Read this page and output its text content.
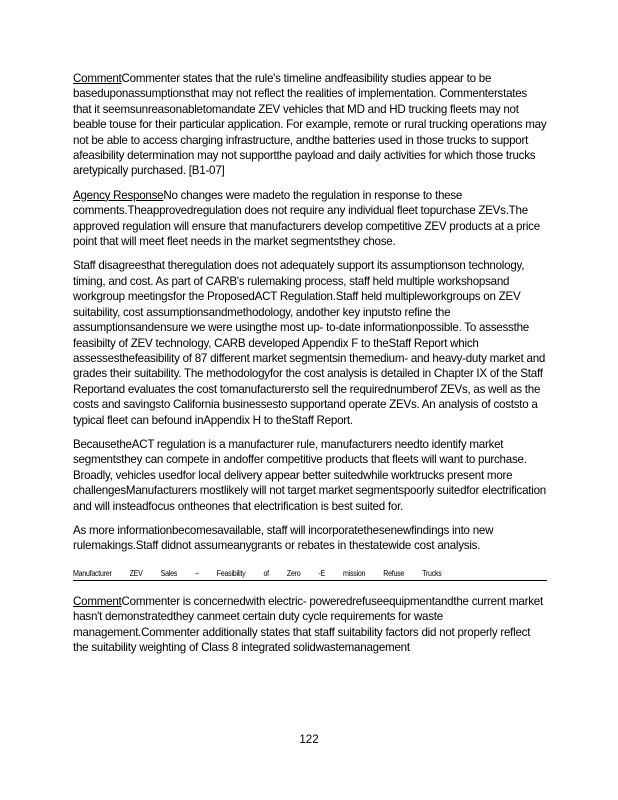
CommentCommenter states that the rule's timeline andfeasibility studies appear to be baseduponassumptionsthat may not reflect the realities of implementation. Commenterstates that it seemsunreasonabletomandate ZEV vehicles that MD and HD trucking fleets may not beable touse for their particular application. For example, remote or rural trucking operations may not be able to access charging infrastructure, andthe batteries used in those trucks to support afeasibility determination may not supportthe payload and daily activities for which those trucks aretypically purchased. [B1-07]

Agency ResponseNo changes were madeto the regulation in response to these comments.Theapprovedregulation does not require any individual fleet topurchase ZEVs.The approved regulation will ensure that manufacturers develop competitive ZEV products at a price point that will meet fleet needs in the market segmentsthey chose.

Staff disagreesthat theregulation does not adequately support its assumptionson technology, timing, and cost. As part of CARB's rulemaking process, staff held multiple workshopsand workgroup meetingsfor the ProposedACT Regulation.Staff held multipleworkgroups on ZEV suitability, cost assumptionsandmethodology, andother key inputsto refine the assumptionsandensure we were usingthe most up- to-date informationpossible. To assessthe feasibilty of ZEV technology, CARB developed Appendix F to theStaff Report which assessesthefeasibility of 87 different market segmentsin themedium- and heavy-duty market and grades their suitability. The methodologyfor the cost analysis is detailed in Chapter IX of the Staff Reportand evaluates the cost tomanufacturersto sell the requirednumberof ZEVs, as well as the costs and savingsto California businessesto supportand operate ZEVs. An analysis of coststo a typical fleet can befound inAppendix H to theStaff Report.

BecausetheACT regulation is a manufacturer rule, manufacturers needto identify market segmentsthey can compete in andoffer competitive products that fleets will want to purchase. Broadly, vehicles usedfor local delivery appear better suitedwhile worktrucks present more challengesManufacturers mostlikely will not target market segmentspoorly suitedfor electrification and will insteadfocus ontheones that electrification is best suited for.

As more informationbecomesavailable, staff will incorporatethesenewfindings into new rulemakings.Staff didnot assumeanygrants or rebates in thestatewide cost analysis.

Manufacturer ZEV Sales – Feasibility of Zero -E mission Refuse Trucks

CommentCommenter is concernedwith electric- poweredrefuseequipmentandthe current market hasn't demonstratedthey canmeet certain duty cycle requirements for waste management.Commenter additionally states that staff suitability factors did not properly reflect the suitability weighting of Class 8 integrated solidwastemanagement

122
